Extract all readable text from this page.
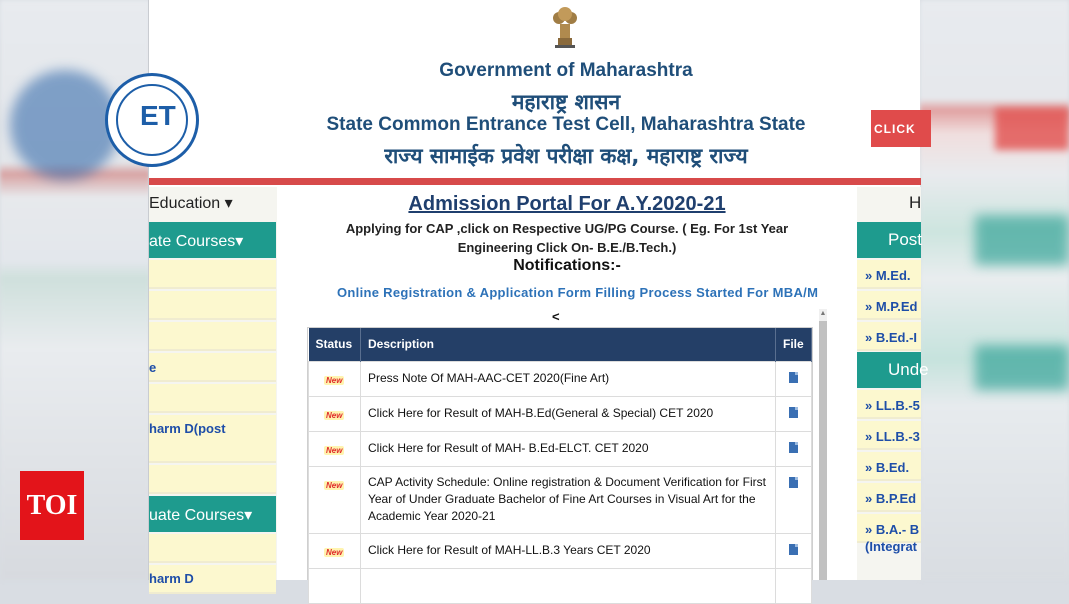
ET
Government of Maharashtra
महाराष्ट्र शासन
State Common Entrance Test Cell, Maharashtra State
राज्य सामाईक प्रवेश परीक्षा कक्ष, महाराष्ट्र राज्य
CLICK
Education ▾
ate Courses▾
e
harm D(post
uate Courses▾
harm D
Admission Portal For A.Y.2020-21
Applying for CAP ,click on Respective UG/PG Course. ( Eg. For 1st Year Engineering Click On- B.E./B.Tech.)
Notifications:-
Online Registration & Application Form Filling Process Started For MBA/M
<
Status	Description	File
New	Press Note Of MAH-AAC-CET 2020(Fine Art)	
New	Click Here for Result of MAH-B.Ed(General & Special) CET 2020	
New	Click Here for Result of MAH- B.Ed-ELCT. CET 2020	
New	CAP Activity Schedule: Online registration & Document Verification for First Year of Under Graduate Bachelor of Fine Art Courses in Visual Art for the Academic Year 2020-21	
New	Click Here for Result of MAH-LL.B.3 Years CET 2020	

▲
H
Post
» M.Ed.
» M.P.Ed
» B.Ed.-I
Unde
» LL.B.-5
» LL.B.-3
» B.Ed.
» B.P.Ed
» B.A.- B
(Integrat
TOI
